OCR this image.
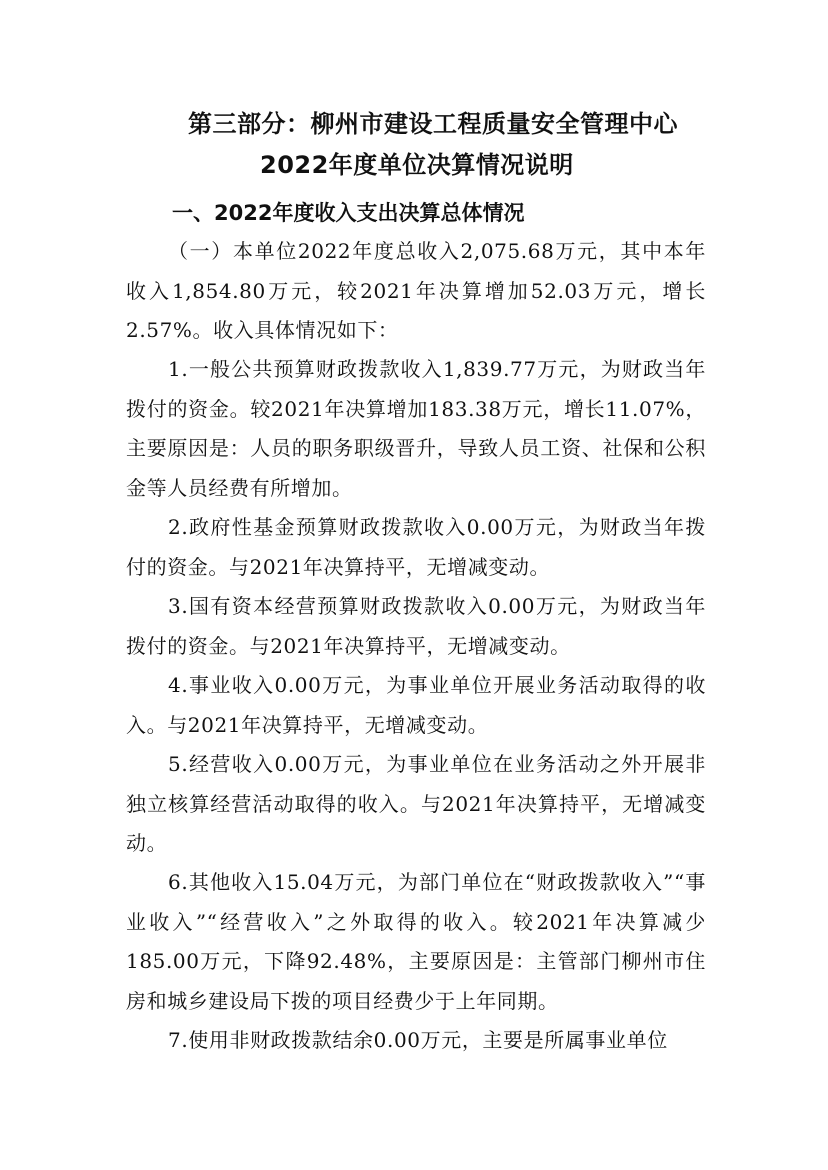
第三部分：柳州市建设工程质量安全管理中心
2022年度单位决算情况说明
一、2022年度收入支出决算总体情况

（一）本单位2022年度总收入2,075.68万元，其中本年收入1,854.80万元，较2021年决算增加52.03万元，增长2.57%。收入具体情况如下：

1.一般公共预算财政拨款收入1,839.77万元，为财政当年拨付的资金。较2021年决算增加183.38万元，增长11.07%，主要原因是：人员的职务职级晋升，导致人员工资、社保和公积金等人员经费有所增加。

2.政府性基金预算财政拨款收入0.00万元，为财政当年拨付的资金。与2021年决算持平，无增减变动。

3.国有资本经营预算财政拨款收入0.00万元，为财政当年拨付的资金。与2021年决算持平，无增减变动。

4.事业收入0.00万元，为事业单位开展业务活动取得的收入。与2021年决算持平，无增减变动。

5.经营收入0.00万元，为事业单位在业务活动之外开展非独立核算经营活动取得的收入。与2021年决算持平，无增减变动。

6.其他收入15.04万元，为部门单位在“财政拨款收入”“事业收入”“经营收入”之外取得的收入。较2021年决算减少185.00万元，下降92.48%，主要原因是：主管部门柳州市住房和城乡建设局下拨的项目经费少于上年同期。

7.使用非财政拨款结余0.00万元，主要是所属事业单位
